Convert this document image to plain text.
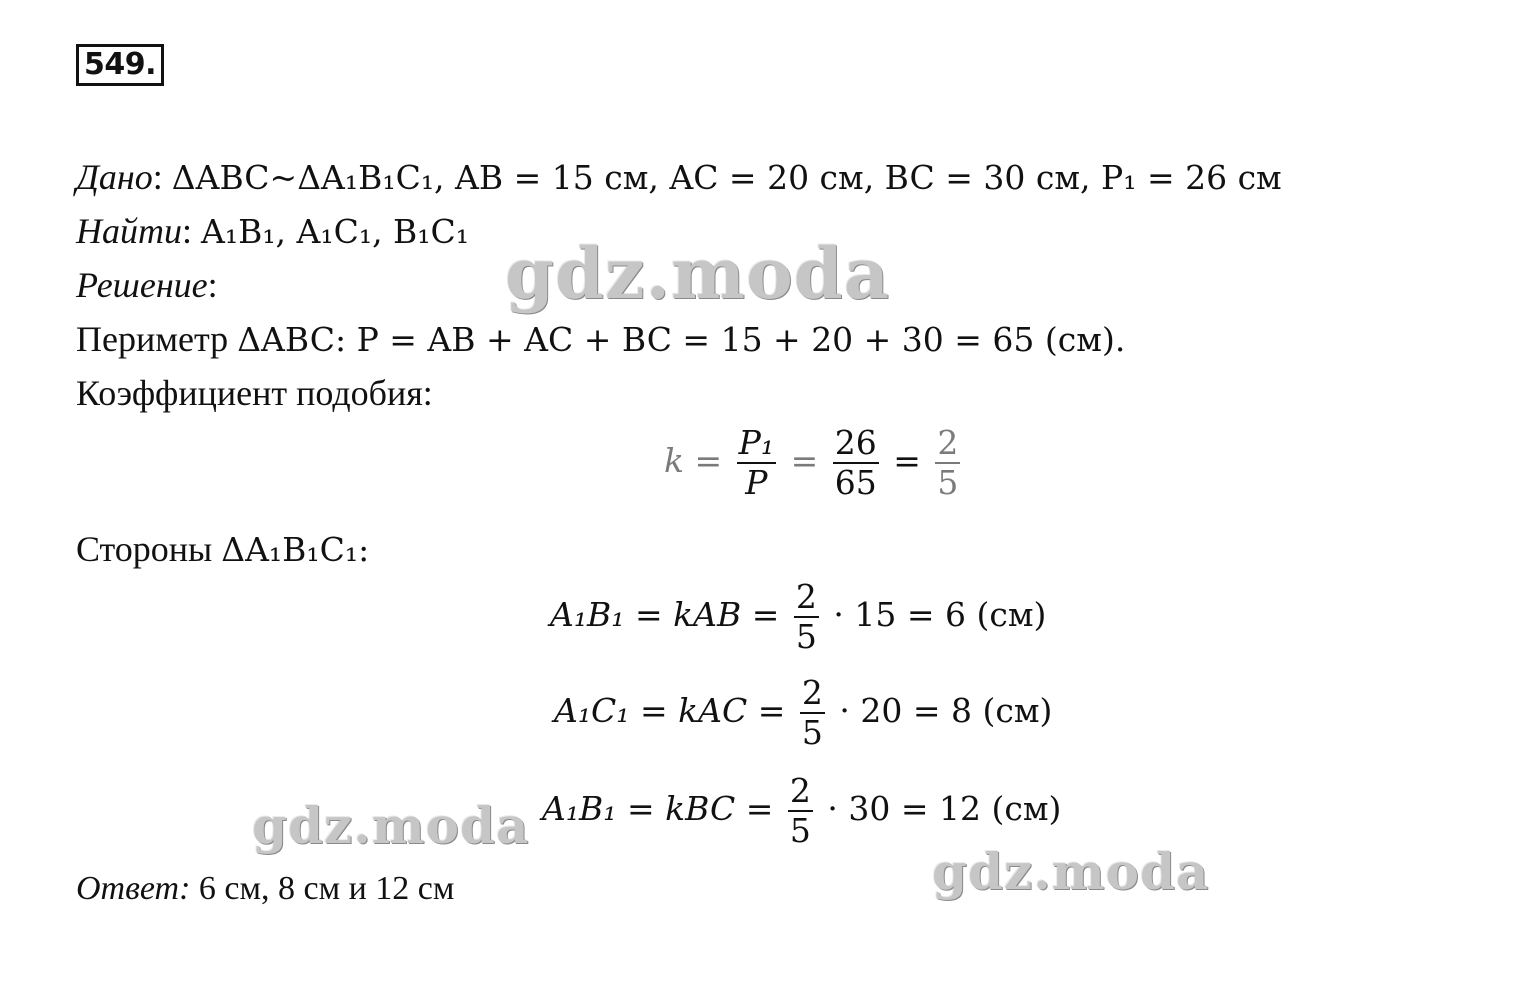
549.
Дано: ΔABC~ΔA₁B₁C₁, AB = 15 см, AC = 20 см, BC = 30 см, P₁ = 26 см
Найти: A₁B₁, A₁C₁, B₁C₁
Решение:
Периметр ΔABC: P = AB + AC + BC = 15 + 20 + 30 = 65 (см).
Коэффициент подобия:
$k = \frac{\text{P₁}}{P} = \frac{26}{65} = \frac{2}{5}$
Стороны ΔA₁B₁C₁:
A₁B₁ = kAB = $\frac{2}{5} \cdot 15 = 6$ (см)
A₁C₁ = kAC = $\frac{2}{5} \cdot 20 = 8$ (см)
A₁B₁ = kBC = $\frac{2}{5} \cdot 30 = 12$ (см)
Ответ: 6 см, 8 см и 12 см
gdz.moda
gdz.moda
gdz.moda
